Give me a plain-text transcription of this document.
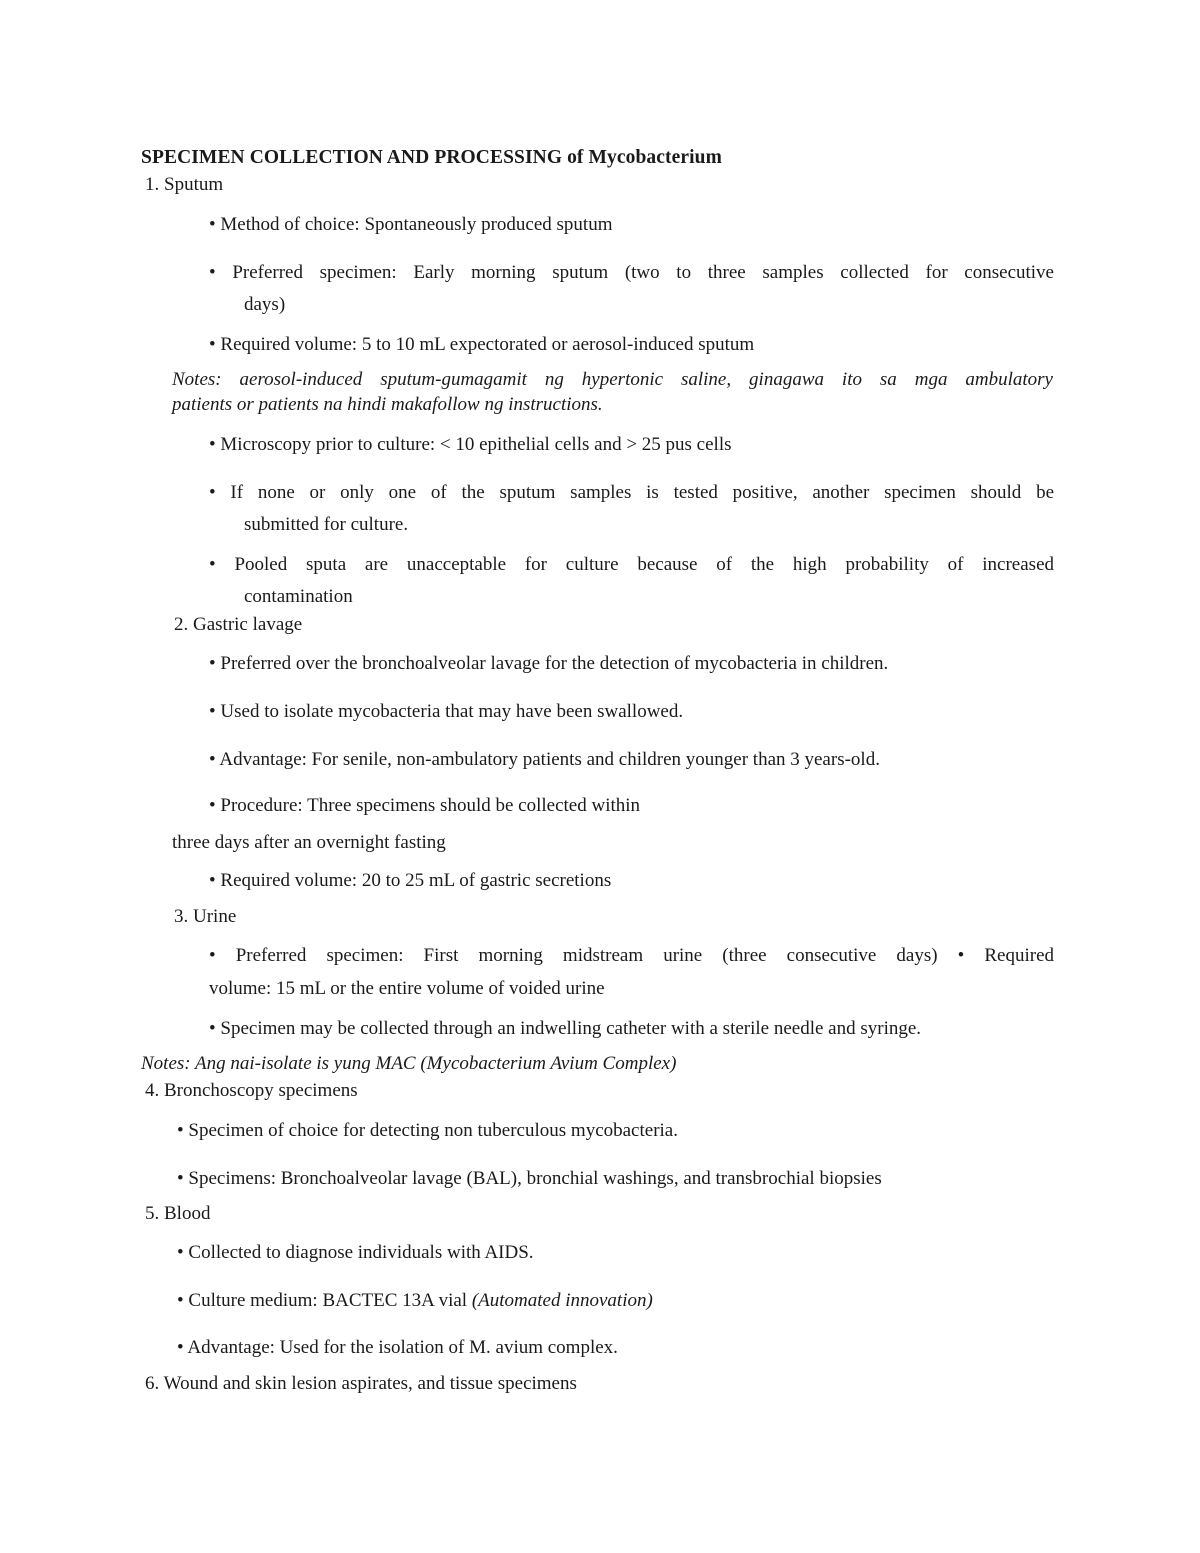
SPECIMEN COLLECTION AND PROCESSING of Mycobacterium
1. Sputum
• Method of choice: Spontaneously produced sputum
• Preferred specimen: Early morning sputum (two to three samples collected for consecutive
days)
• Required volume: 5 to 10 mL expectorated or aerosol-induced sputum
Notes: aerosol-induced sputum-gumagamit ng hypertonic saline, ginagawa ito sa mga ambulatory
patients or patients na hindi makafollow ng instructions.
• Microscopy prior to culture: < 10 epithelial cells and > 25 pus cells
• If none or only one of the sputum samples is tested positive, another specimen should be
submitted for culture.
• Pooled sputa are unacceptable for culture because of the high probability of increased
contamination
2. Gastric lavage
• Preferred over the bronchoalveolar lavage for the detection of mycobacteria in children.
• Used to isolate mycobacteria that may have been swallowed.
• Advantage: For senile, non-ambulatory patients and children younger than 3 years-old.
• Procedure: Three specimens should be collected within
three days after an overnight fasting
• Required volume: 20 to 25 mL of gastric secretions
3. Urine
• Preferred specimen: First morning midstream urine (three consecutive days) • Required
volume: 15 mL or the entire volume of voided urine
• Specimen may be collected through an indwelling catheter with a sterile needle and syringe.
Notes: Ang nai-isolate is yung MAC (Mycobacterium Avium Complex)
4. Bronchoscopy specimens
• Specimen of choice for detecting non tuberculous mycobacteria.
• Specimens: Bronchoalveolar lavage (BAL), bronchial washings, and transbrochial biopsies
5. Blood
• Collected to diagnose individuals with AIDS.
• Culture medium: BACTEC 13A vial (Automated innovation)
• Advantage: Used for the isolation of M. avium complex.
6. Wound and skin lesion aspirates, and tissue specimens
